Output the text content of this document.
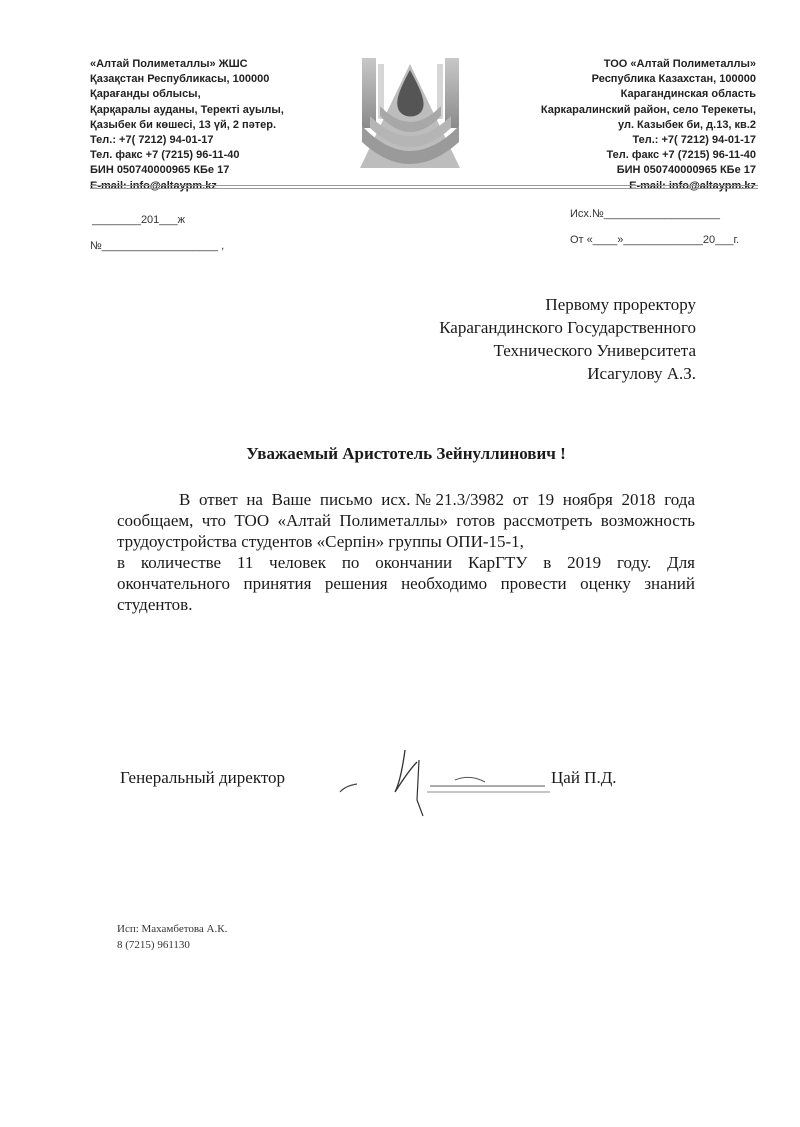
«Алтай Полиметаллы» ЖШС
Қазақстан Республикасы, 100000
Қарағанды облысы,
Қарқаралы ауданы, Теректі ауылы,
Қазыбек би көшесі, 13 үй, 2 пәтер.
Тел.: +7( 7212) 94-01-17
Тел. факс +7 (7215) 96-11-40
БИН 050740000965 КБе 17
E-mail: info@altaypm.kz
ТОО «Алтай Полиметаллы»
Республика Казахстан, 100000
Карагандинская область
Каркаралинский район, село Терекеты,
ул. Казыбек би, д.13, кв.2
Тел.: +7( 7212) 94-01-17
Тел. факс +7 (7215) 96-11-40
БИН 050740000965 КБе 17
E-mail: info@altaypm.kz
________201___ж
№___________________ ,
Исх.№___________________
От «____»_____________20___г.
Первому проректору
Карагандинского Государственного
Технического Университета
Исагулову А.З.
Уважаемый Аристотель Зейнуллинович !

В ответ на Ваше письмо исх.№21.3/3982 от 19 ноября 2018 года сообщаем, что ТОО «Алтай Полиметаллы» готов рассмотреть возможность трудоустройства студентов «Серпін» группы ОПИ-15-1,

в количестве 11 человек по окончании КарГТУ в 2019 году. Для окончательного принятия решения необходимо провести оценку знаний студентов.

Генеральный директор	Цай П.Д.
Исп: Махамбетова А.К.
8 (7215) 961130
